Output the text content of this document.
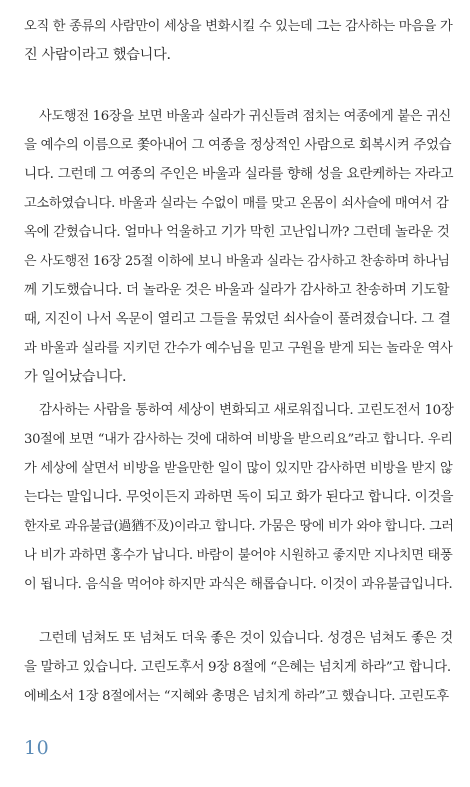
오직 한 종류의 사람만이 세상을 변화시킬 수 있는데 그는 감사하는 마음을 가
진 사람이라고 했습니다.
사도행전 16장을 보면 바울과 실라가 귀신들려 점치는 여종에게 붙은 귀신
을 예수의 이름으로 쫓아내어 그 여종을 정상적인 사람으로 회복시켜 주었습
니다. 그런데 그 여종의 주인은 바울과 실라를 향해 성을 요란케하는 자라고
고소하였습니다. 바울과 실라는 수없이 매를 맞고 온몸이 쇠사슬에 매여서 감
옥에 갇혔습니다. 얼마나 억울하고 기가 막힌 고난입니까? 그런데 놀라운 것
은 사도행전 16장 25절 이하에 보니 바울과 실라는 감사하고 찬송하며 하나님
께 기도했습니다. 더 놀라운 것은 바울과 실라가 감사하고 찬송하며 기도할
때, 지진이 나서 옥문이 열리고 그들을 묶었던 쇠사슬이 풀려졌습니다. 그 결
과 바울과 실라를 지키던 간수가 예수님을 믿고 구원을 받게 되는 놀라운 역사
가 일어났습니다.
감사하는 사람을 통하여 세상이 변화되고 새로워집니다. 고린도전서 10장
30절에 보면 “내가 감사하는 것에 대하여 비방을 받으리요”라고 합니다. 우리
가 세상에 살면서 비방을 받을만한 일이 많이 있지만 감사하면 비방을 받지 않
는다는 말입니다. 무엇이든지 과하면 독이 되고 화가 된다고 합니다. 이것을
한자로 과유불급(過猶不及)이라고 합니다. 가뭄은 땅에 비가 와야 합니다. 그러
나 비가 과하면 홍수가 납니다. 바람이 불어야 시원하고 좋지만 지나치면 태풍
이 됩니다. 음식을 먹어야 하지만 과식은 해롭습니다. 이것이 과유불급입니다.
그런데 넘쳐도 또 넘쳐도 더욱 좋은 것이 있습니다. 성경은 넘쳐도 좋은 것
을 말하고 있습니다. 고린도후서 9장 8절에 “은혜는 넘치게 하라”고 합니다.
에베소서 1장 8절에서는 “지혜와 총명은 넘치게 하라”고 했습니다. 고린도후
10
